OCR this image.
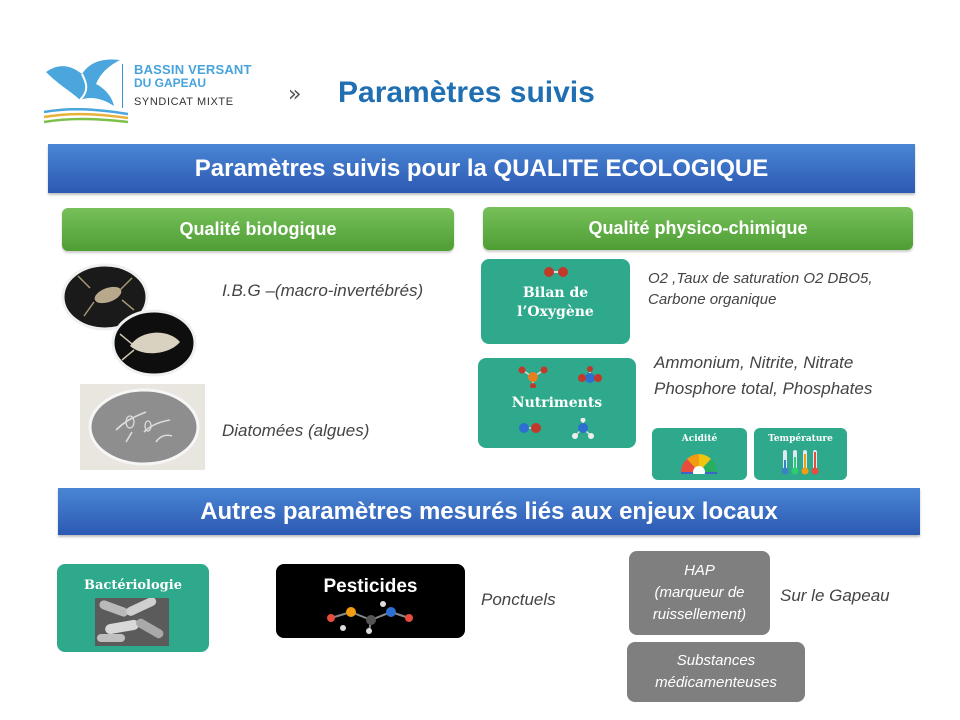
BASSIN VERSANT
DU GAPEAU
SYNDICAT MIXTE » Paramètres suivis
Paramètres suivis pour la QUALITE ECOLOGIQUE
Qualité biologique	Qualité physico-chimique
I.B.G –(macro-invertébrés)
Diatomées (algues)
Bilan de
l’Oxygène
O2 ,Taux de saturation O2 DBO5,
Carbone organique
Nutriments
Ammonium, Nitrite, Nitrate
Phosphore total, Phosphates
Acidité	Température
Autres paramètres mesurés liés aux enjeux locaux
Bactériologie	Pesticides
Ponctuels
HAP
(marqueur de
ruissellement)
Sur le Gapeau
Substances
médicamenteuses
